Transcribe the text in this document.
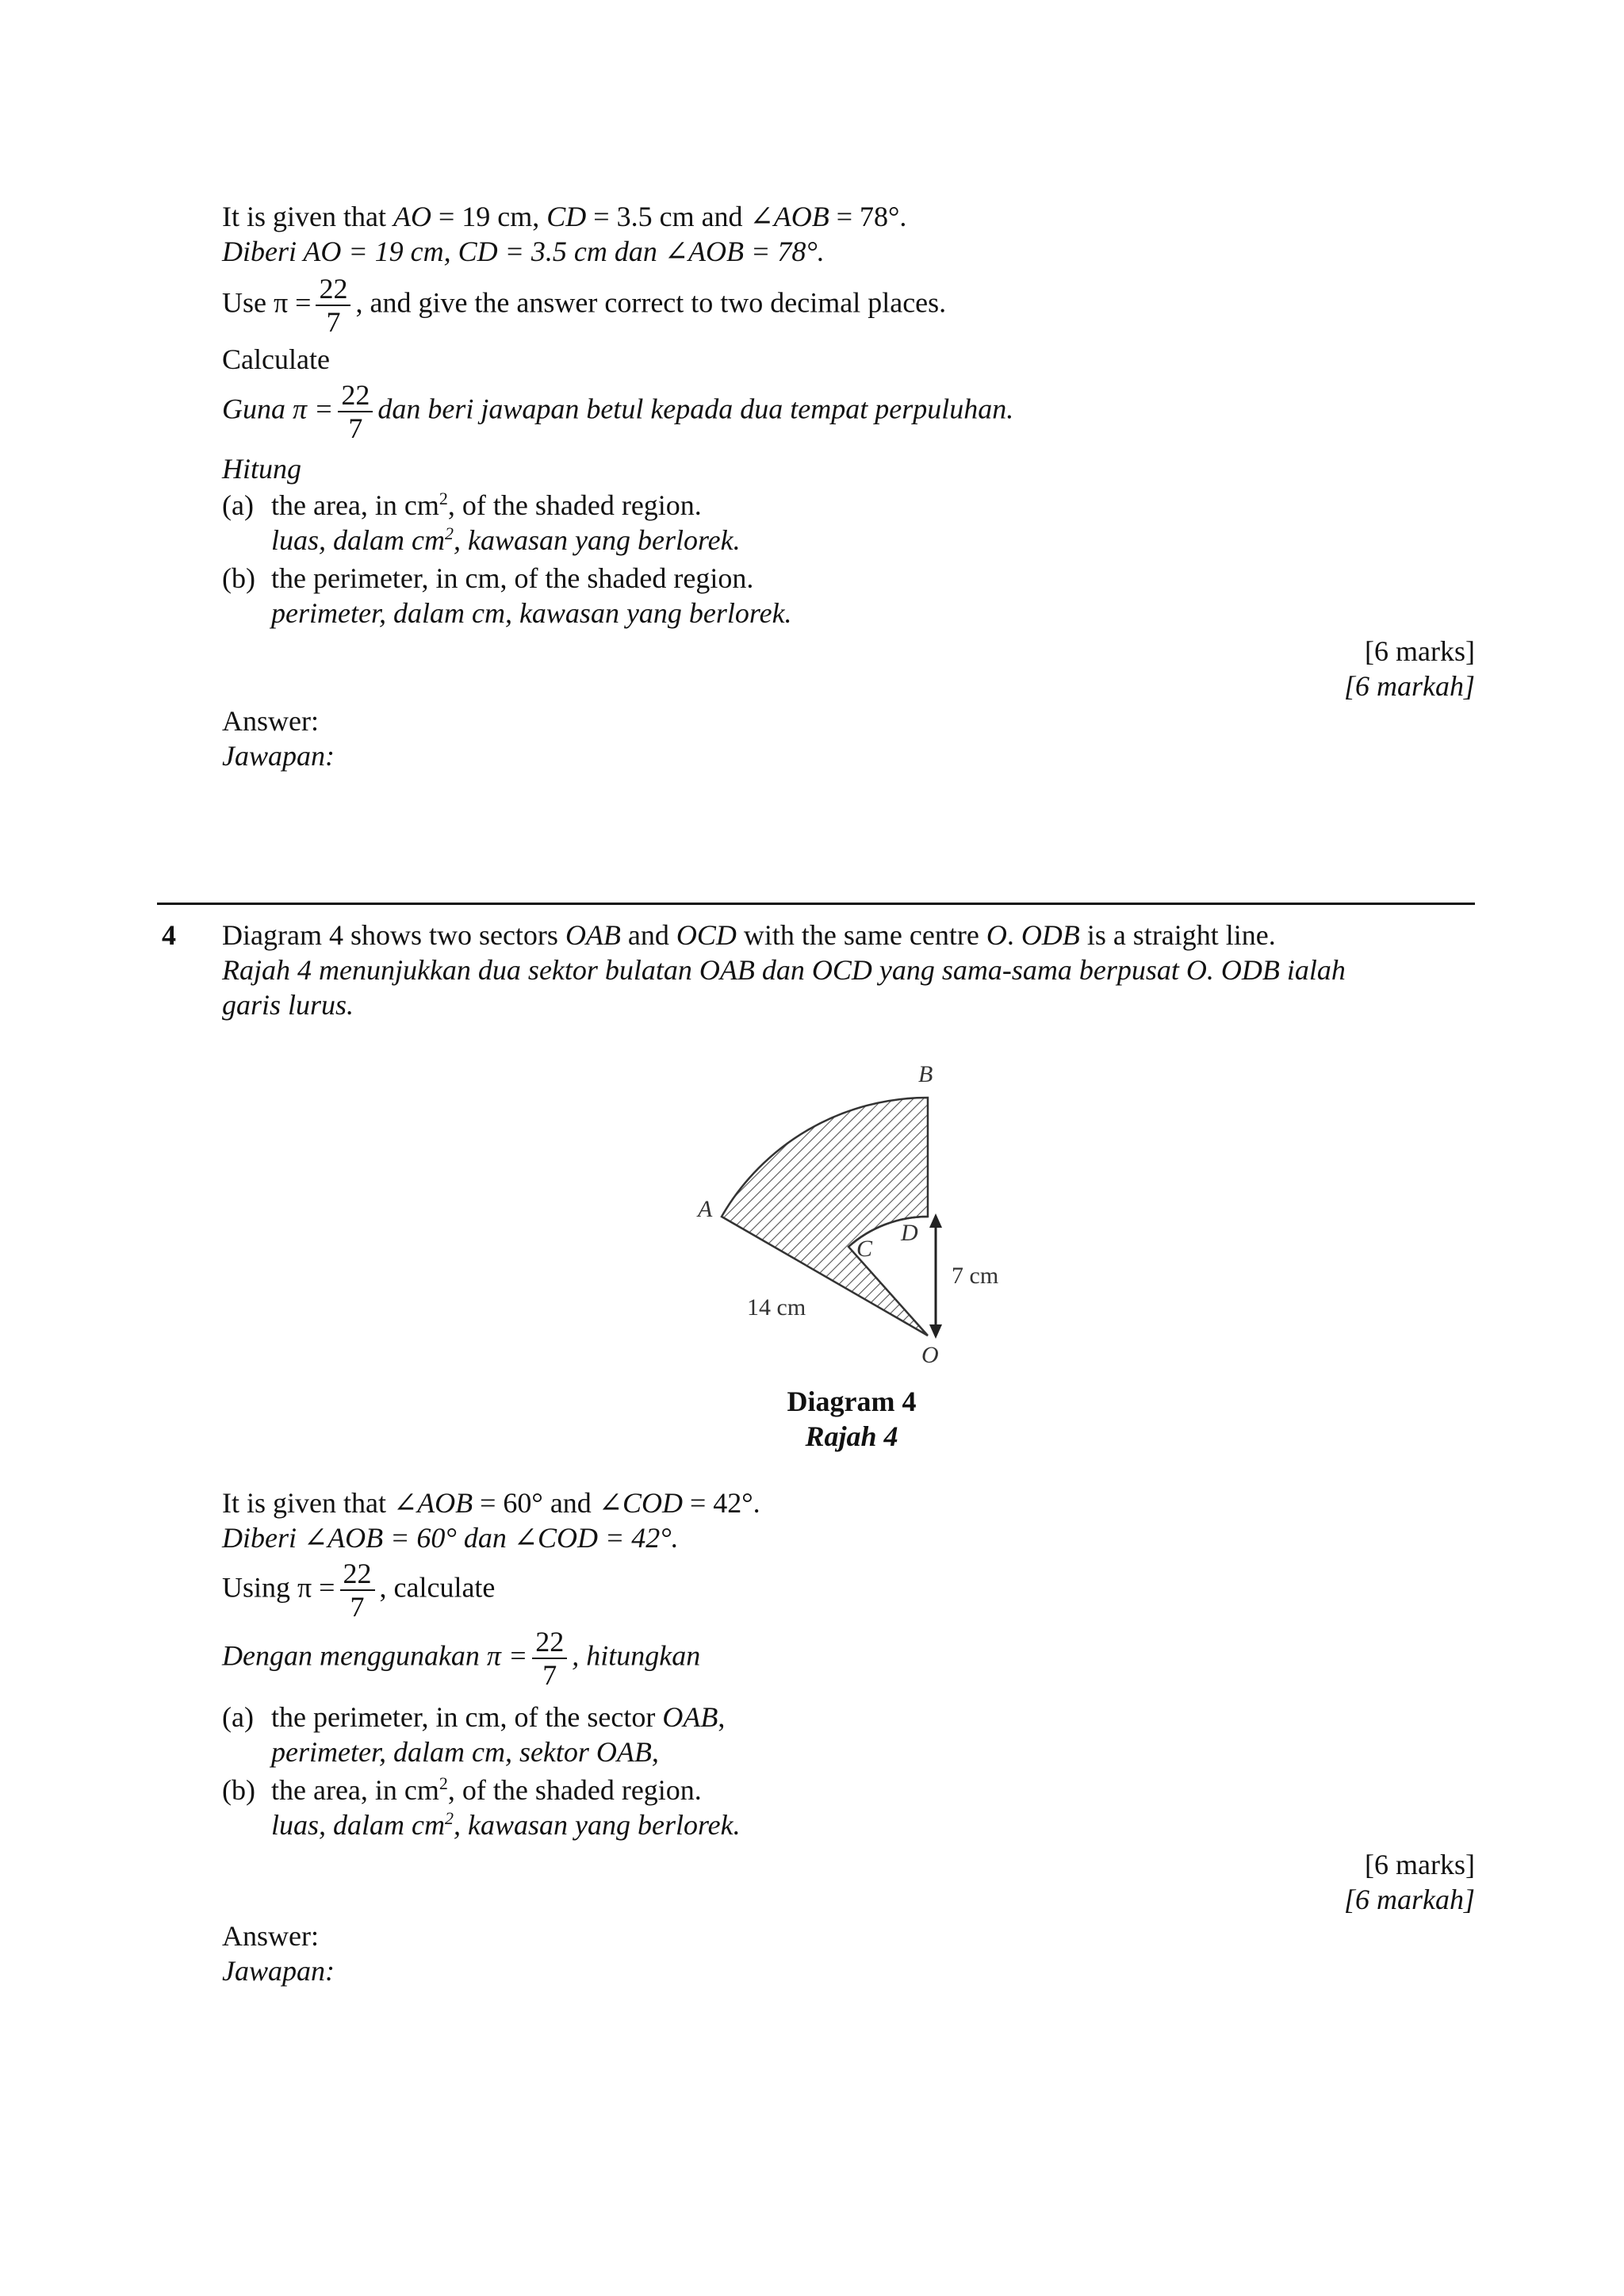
It is given that AO = 19 cm, CD = 3.5 cm and ∠AOB = 78°.
Diberi AO = 19 cm, CD = 3.5 cm dan ∠AOB = 78°.
Use $\pi = \frac{22}{7}$ , and give the answer correct to two decimal places.
Calculate
Guna $\pi = \frac{22}{7}$ dan beri jawapan betul kepada dua tempat perpuluhan.
Hitung
(a) the area, in $cm^2$, of the shaded region.
luas, dalam $cm^2$, kawasan yang berlorek.
(b) the perimeter, in cm, of the shaded region.
perimeter, dalam cm, kawasan yang berlorek.
[6 marks]
[6 markah]
Answer:
Jawapan:
4 Diagram 4 shows two sectors OAB and OCD with the same centre O. ODB is a straight line.
Rajah 4 menunjukkan dua sektor bulatan OAB dan OCD yang sama-sama berpusat O. ODB ialah
garis lurus.
B
A
C
D
O
7 cm
14 cm
Diagram 4
Rajah 4
It is given that ∠AOB = 60° and ∠COD = 42°.
Diberi ∠AOB = 60° dan ∠COD = 42°.
Using $\pi = \frac{22}{7}$ , calculate
Dengan menggunakan $\pi = \frac{22}{7}$ , hitungkan
(a) the perimeter, in cm, of the sector OAB,
perimeter, dalam cm, sektor OAB,
(b) the area, in $cm^2$, of the shaded region.
luas, dalam $cm^2$, kawasan yang berlorek.
[6 marks]
[6 markah]
Answer:
Jawapan:
